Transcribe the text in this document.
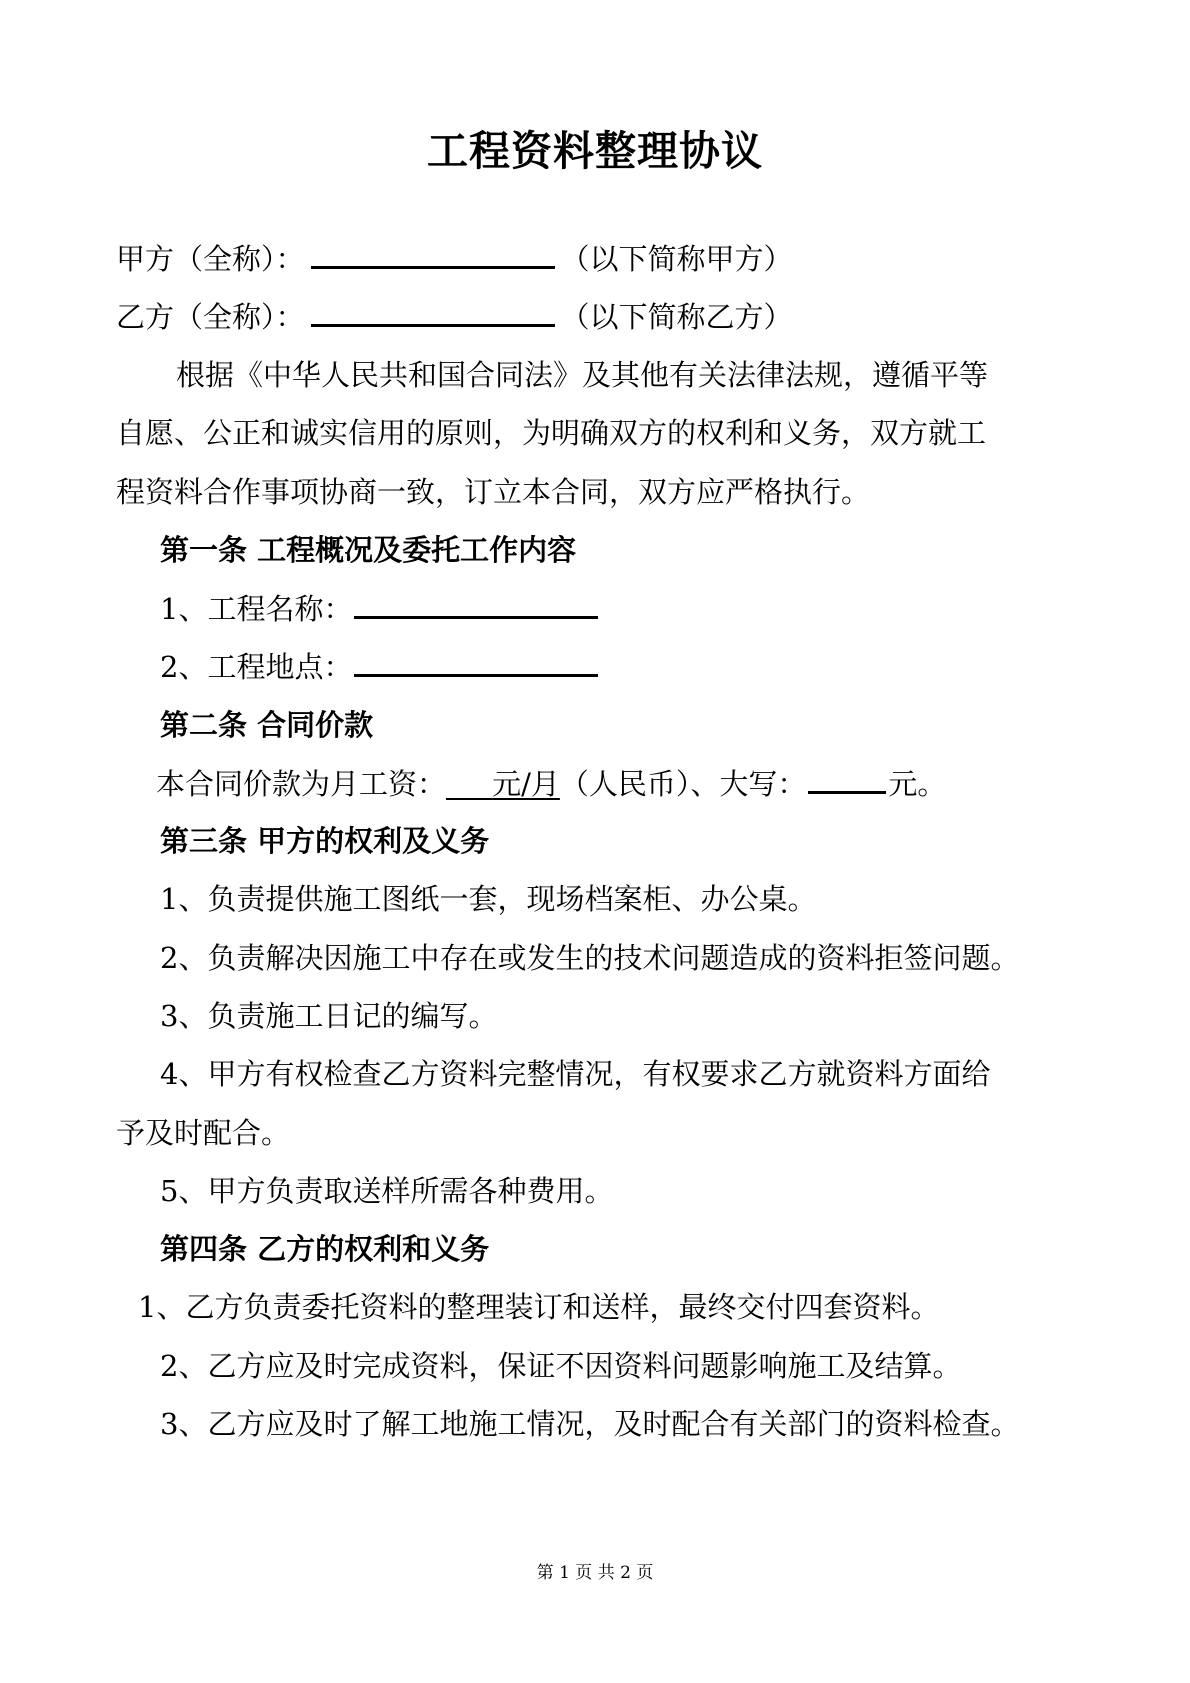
工程资料整理协议
甲方（全称）：	（以下简称甲方）
乙方（全称）：	（以下简称乙方）
根据《中华人民共和国合同法》及其他有关法律法规，遵循平等
自愿、公正和诚实信用的原则，为明确双方的权利和义务，双方就工
程资料合作事项协商一致，订立本合同，双方应严格执行。
第一条 工程概况及委托工作内容
1、工程名称：
2、工程地点：
第二条 合同价款
本合同价款为月工资： 元/月（人民币）、大写：	元。
第三条 甲方的权利及义务
1、负责提供施工图纸一套，现场档案柜、办公桌。
2、负责解决因施工中存在或发生的技术问题造成的资料拒签问题。
3、负责施工日记的编写。
4、甲方有权检查乙方资料完整情况，有权要求乙方就资料方面给
予及时配合。
5、甲方负责取送样所需各种费用。
第四条 乙方的权利和义务
1、乙方负责委托资料的整理装订和送样，最终交付四套资料。
2、乙方应及时完成资料，保证不因资料问题影响施工及结算。
3、乙方应及时了解工地施工情况，及时配合有关部门的资料检查。
第 1 页 共 2 页
